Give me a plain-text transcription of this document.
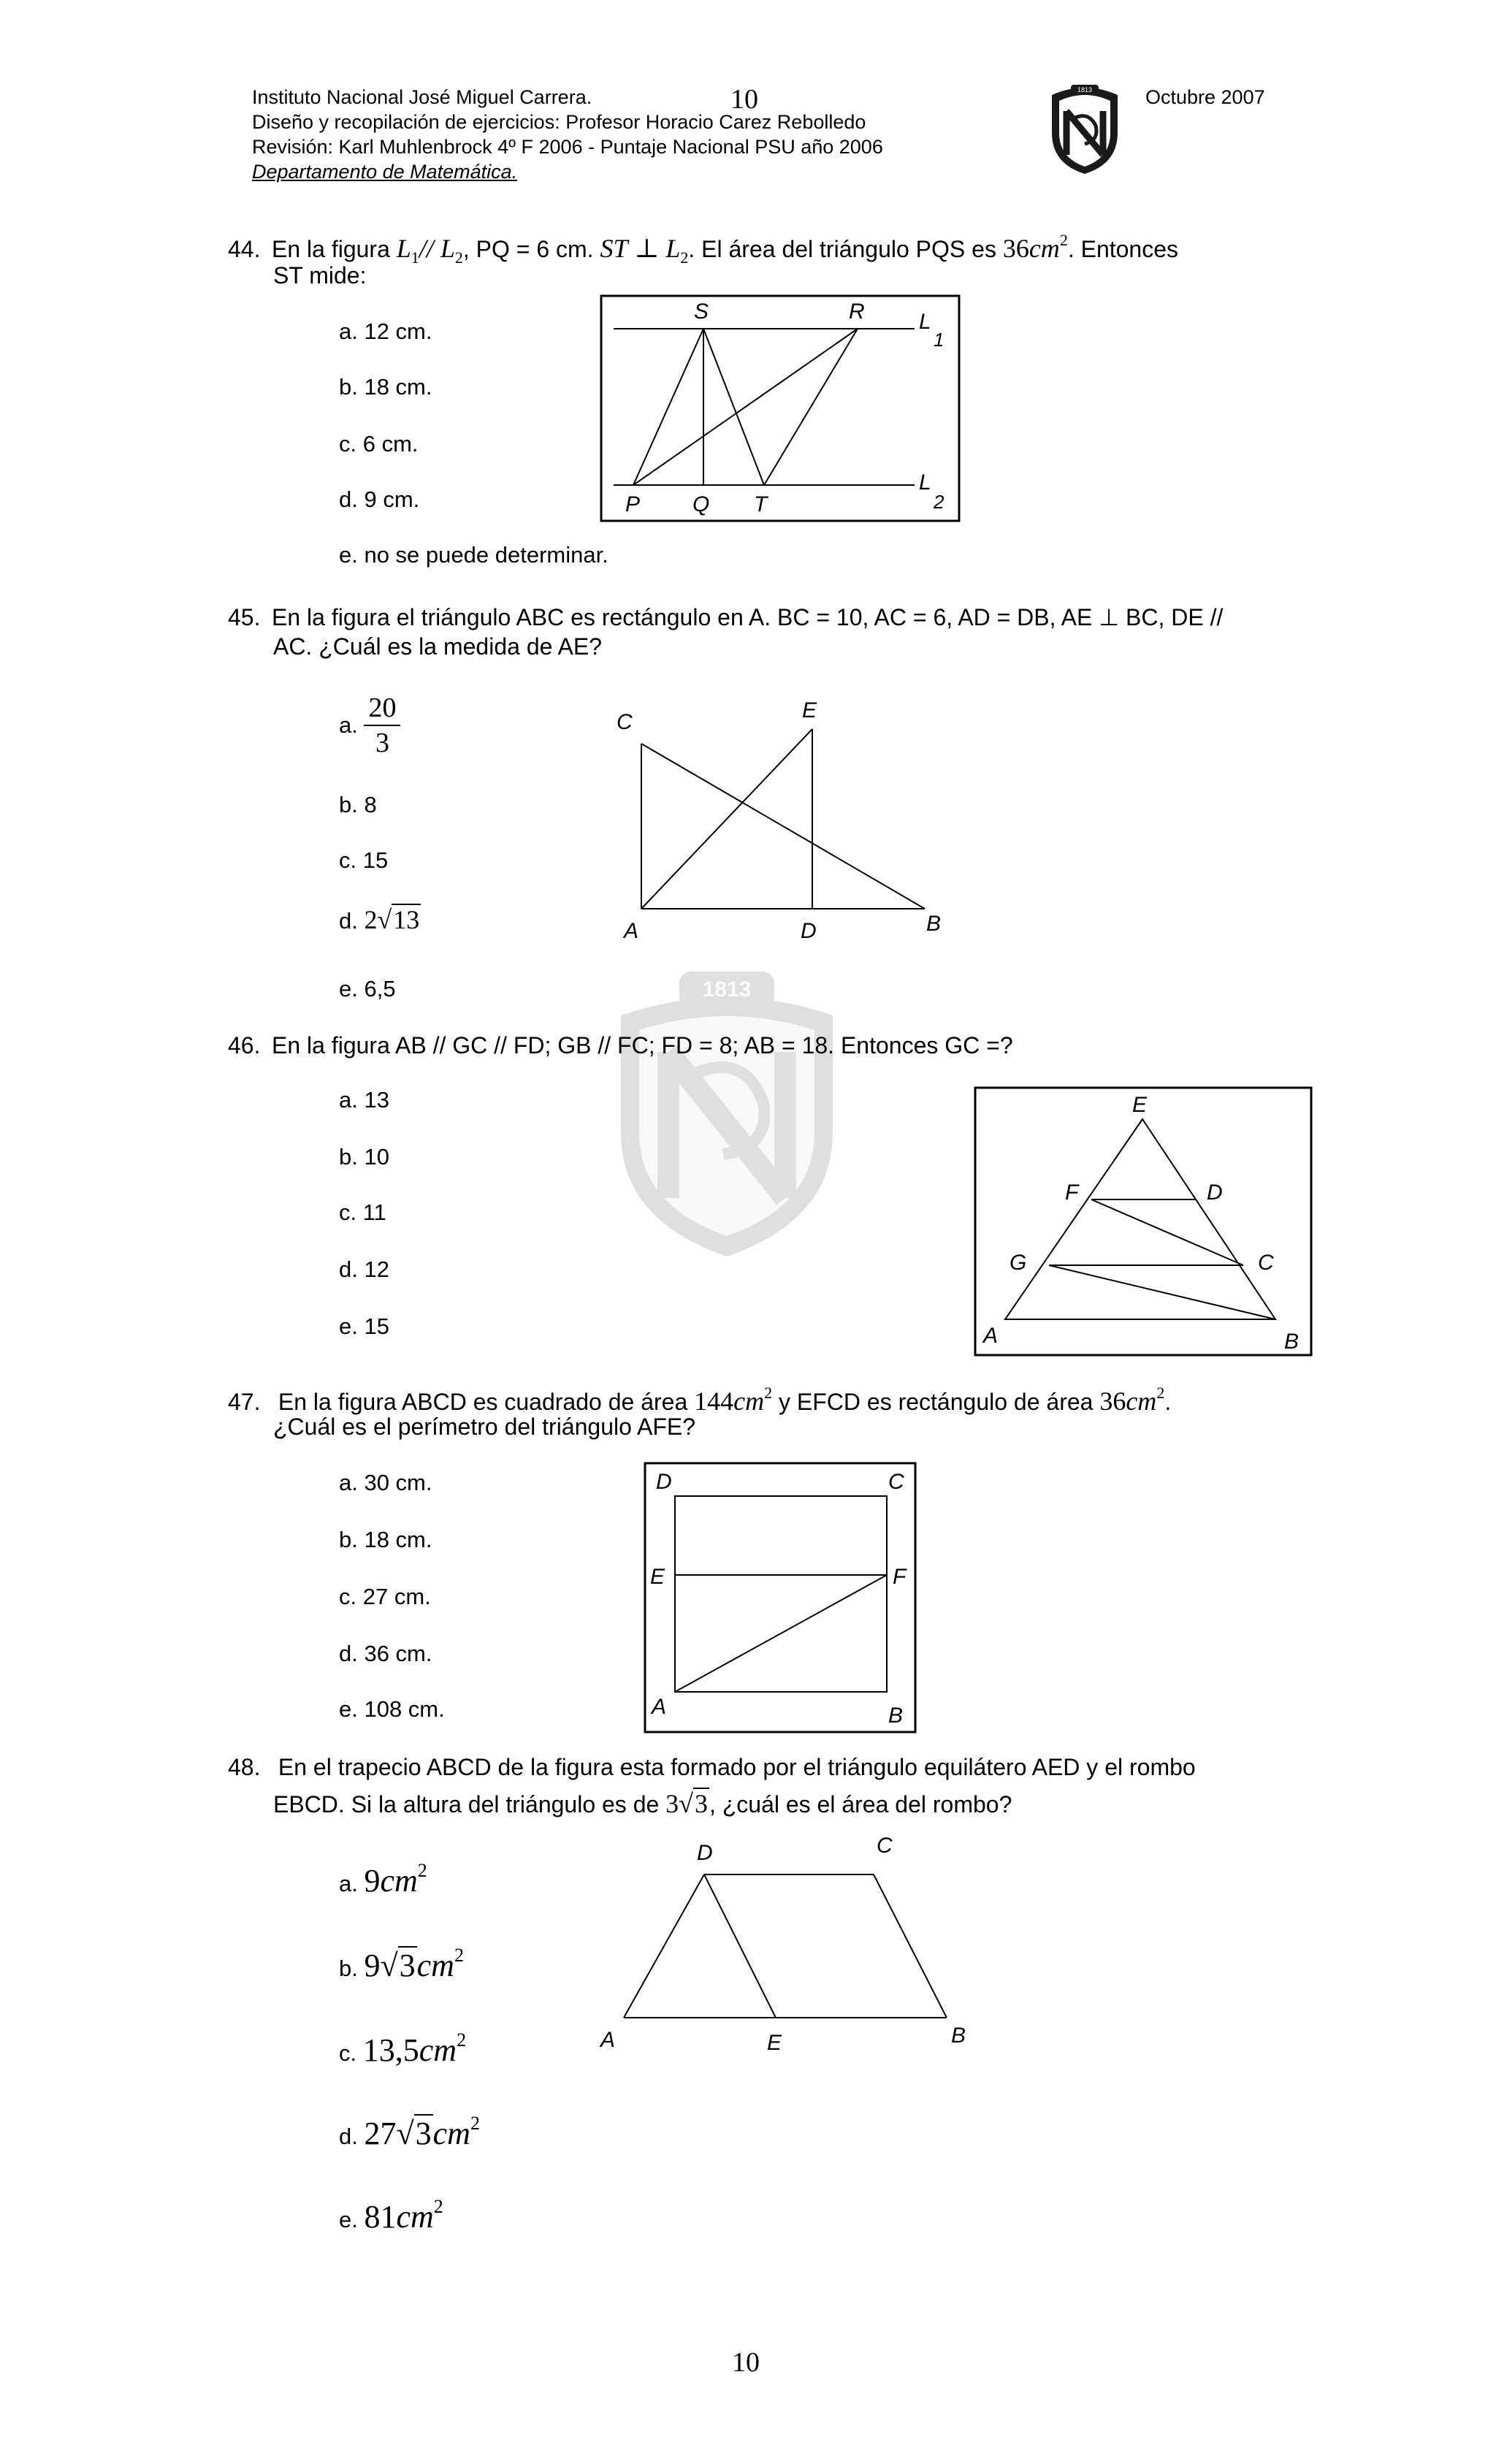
Instituto Nacional José Miguel Carrera.
Diseño y recopilación de ejercicios: Profesor Horacio Carez Rebolledo
Revisión: Karl Muhlenbrock 4º F 2006 - Puntaje Nacional PSU año 2006
Departamento de Matemática.
10	Octubre 2007
1813
1813
44. En la figura $L_1//$ $L_2$, PQ = 6 cm. ST ⊥ $L_2$. El área del triángulo PQS es $36cm^2$. Entonces
ST mide:
a. 12 cm.
b. 18 cm.
c. 6 cm.
d. 9 cm.
e. no se puede determinar.
S	R L
1
P Q T
L
2
45. En la figura el triángulo ABC es rectángulo en A. BC = 10, AC = 6, AD = DB, AE ⊥ BC, DE //
AC. ¿Cuál es la medida de AE?
a. $\frac{20}{3}$
b. 8
c. 15
d. 2√13
e. 6,5
C	E
A	D	B
46. En la figura AB // GC // FD; GB // FC; FD = 8; AB = 18. Entonces GC =?
a. 13
b. 10
c. 11
d. 12
e. 15
E
F	D
G	C
A	B
47. En la figura ABCD es cuadrado de área $144cm^2$ y EFCD es rectángulo de área $36cm^2$.
¿Cuál es el perímetro del triángulo AFE?
a. 30 cm.
b. 18 cm.
c. 27 cm.
d. 36 cm.
e. 108 cm.
D	C
E	F
A	B
48. En el trapecio ABCD de la figura esta formado por el triángulo equilátero AED y el rombo
EBCD. Si la altura del triángulo es de 3√3, ¿cuál es el área del rombo?
a. $9cm^2$
b. $9√3cm^2$
c. $13,5cm^2$
d. $27√3cm^2$
e. $81cm^2$
D	C
A	E	B
10
